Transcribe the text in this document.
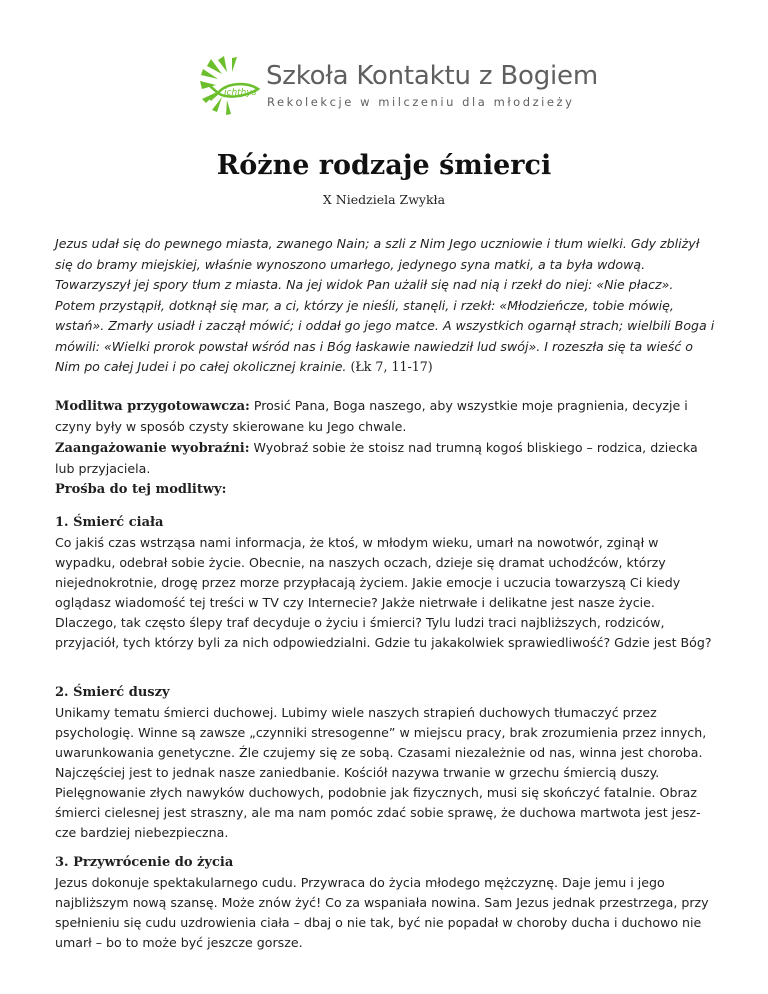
ichthys
Szkoła Kontaktu z Bogiem
Rekolekcje w milczeniu dla młodzieży
Różne rodzaje śmierci
X Niedziela Zwykła

Jezus udał się do pewnego miasta, zwanego Nain; a szli z Nim Jego uczniowie i tłum wielki. Gdy zbliżył się do bramy miejskiej, właśnie wynoszono umarłego, jedynego syna matki, a ta była wdową. Towarzyszył jej spory tłum z miasta. Na jej widok Pan użalił się nad nią i rzekł do niej: «Nie płacz». Potem przystąpił, dotknął się mar, a ci, którzy je nieśli, stanęli, i rzekł: «Młodzieńcze, tobie mówię, wstań». Zmarły usiadł i zaczął mówić; i oddał go jego matce. A wszystkich ogarnął strach; wielbili Boga i mówili: «Wielki prorok powstał wśród nas i Bóg łaskawie nawiedził lud swój». I rozeszła się ta wieść o Nim po całej Judei i po całej okolicznej krainie. (Łk 7, 11-17)

Modlitwa przygotowawcza: Prosić Pana, Boga naszego, aby wszystkie moje pragnienia, decyzje i czyny były w sposób czysty skierowane ku Jego chwale.
Zaangażowanie wyobraźni: Wyobraź sobie że stoisz nad trumną kogoś bliskiego – rodzica, dziecka lub przyjaciela.
Prośba do tej modlitwy:
1. Śmierć ciała
Co jakiś czas wstrząsa nami informacja, że ktoś, w młodym wieku, umarł na nowotwór, zginął w wypadku, odebrał sobie życie. Obecnie, na naszych oczach, dzieje się dramat uchodźców, którzy niejednokrotnie, drogę przez morze przypłacają życiem. Jakie emocje i uczucia towarzyszą Ci kiedy oglądasz wiadomość tej treści w TV czy Internecie? Jakże nietrwałe i delikatne jest nasze życie. Dlaczego, tak często ślepy traf decyduje o życiu i śmierci? Tylu ludzi traci najbliższych, rodziców, przyjaciół, tych którzy byli za nich odpowiedzialni. Gdzie tu jakakolwiek sprawiedliwość? Gdzie jest Bóg?
2. Śmierć duszy
Unikamy tematu śmierci duchowej. Lubimy wiele naszych strapień duchowych tłumaczyć przez psychologię. Winne są zawsze „czynniki stresogenne” w miejscu pracy, brak zrozumienia przez innych, uwarunkowania genetyczne. Źle czujemy się ze sobą. Czasami niezależnie od nas, winna jest choroba. Najczęściej jest to jednak nasze zaniedbanie. Kościół nazywa trwanie w grzechu śmiercią duszy. Pielęgnowanie złych nawyków duchowych, podobnie jak fizycznych, musi się skończyć fatalnie. Obraz śmierci cielesnej jest straszny, ale ma nam pomóc zdać sobie sprawę, że duchowa martwota jest jesz-cze bardziej niebezpieczna.
3. Przywrócenie do życia
Jezus dokonuje spektakularnego cudu. Przywraca do życia młodego mężczyznę. Daje jemu i jego najbliższym nową szansę. Może znów żyć! Co za wspaniała nowina. Sam Jezus jednak przestrzega, przy spełnieniu się cudu uzdrowienia ciała – dbaj o nie tak, być nie popadał w choroby ducha i duchowo nie umarł – bo to może być jeszcze gorsze.
